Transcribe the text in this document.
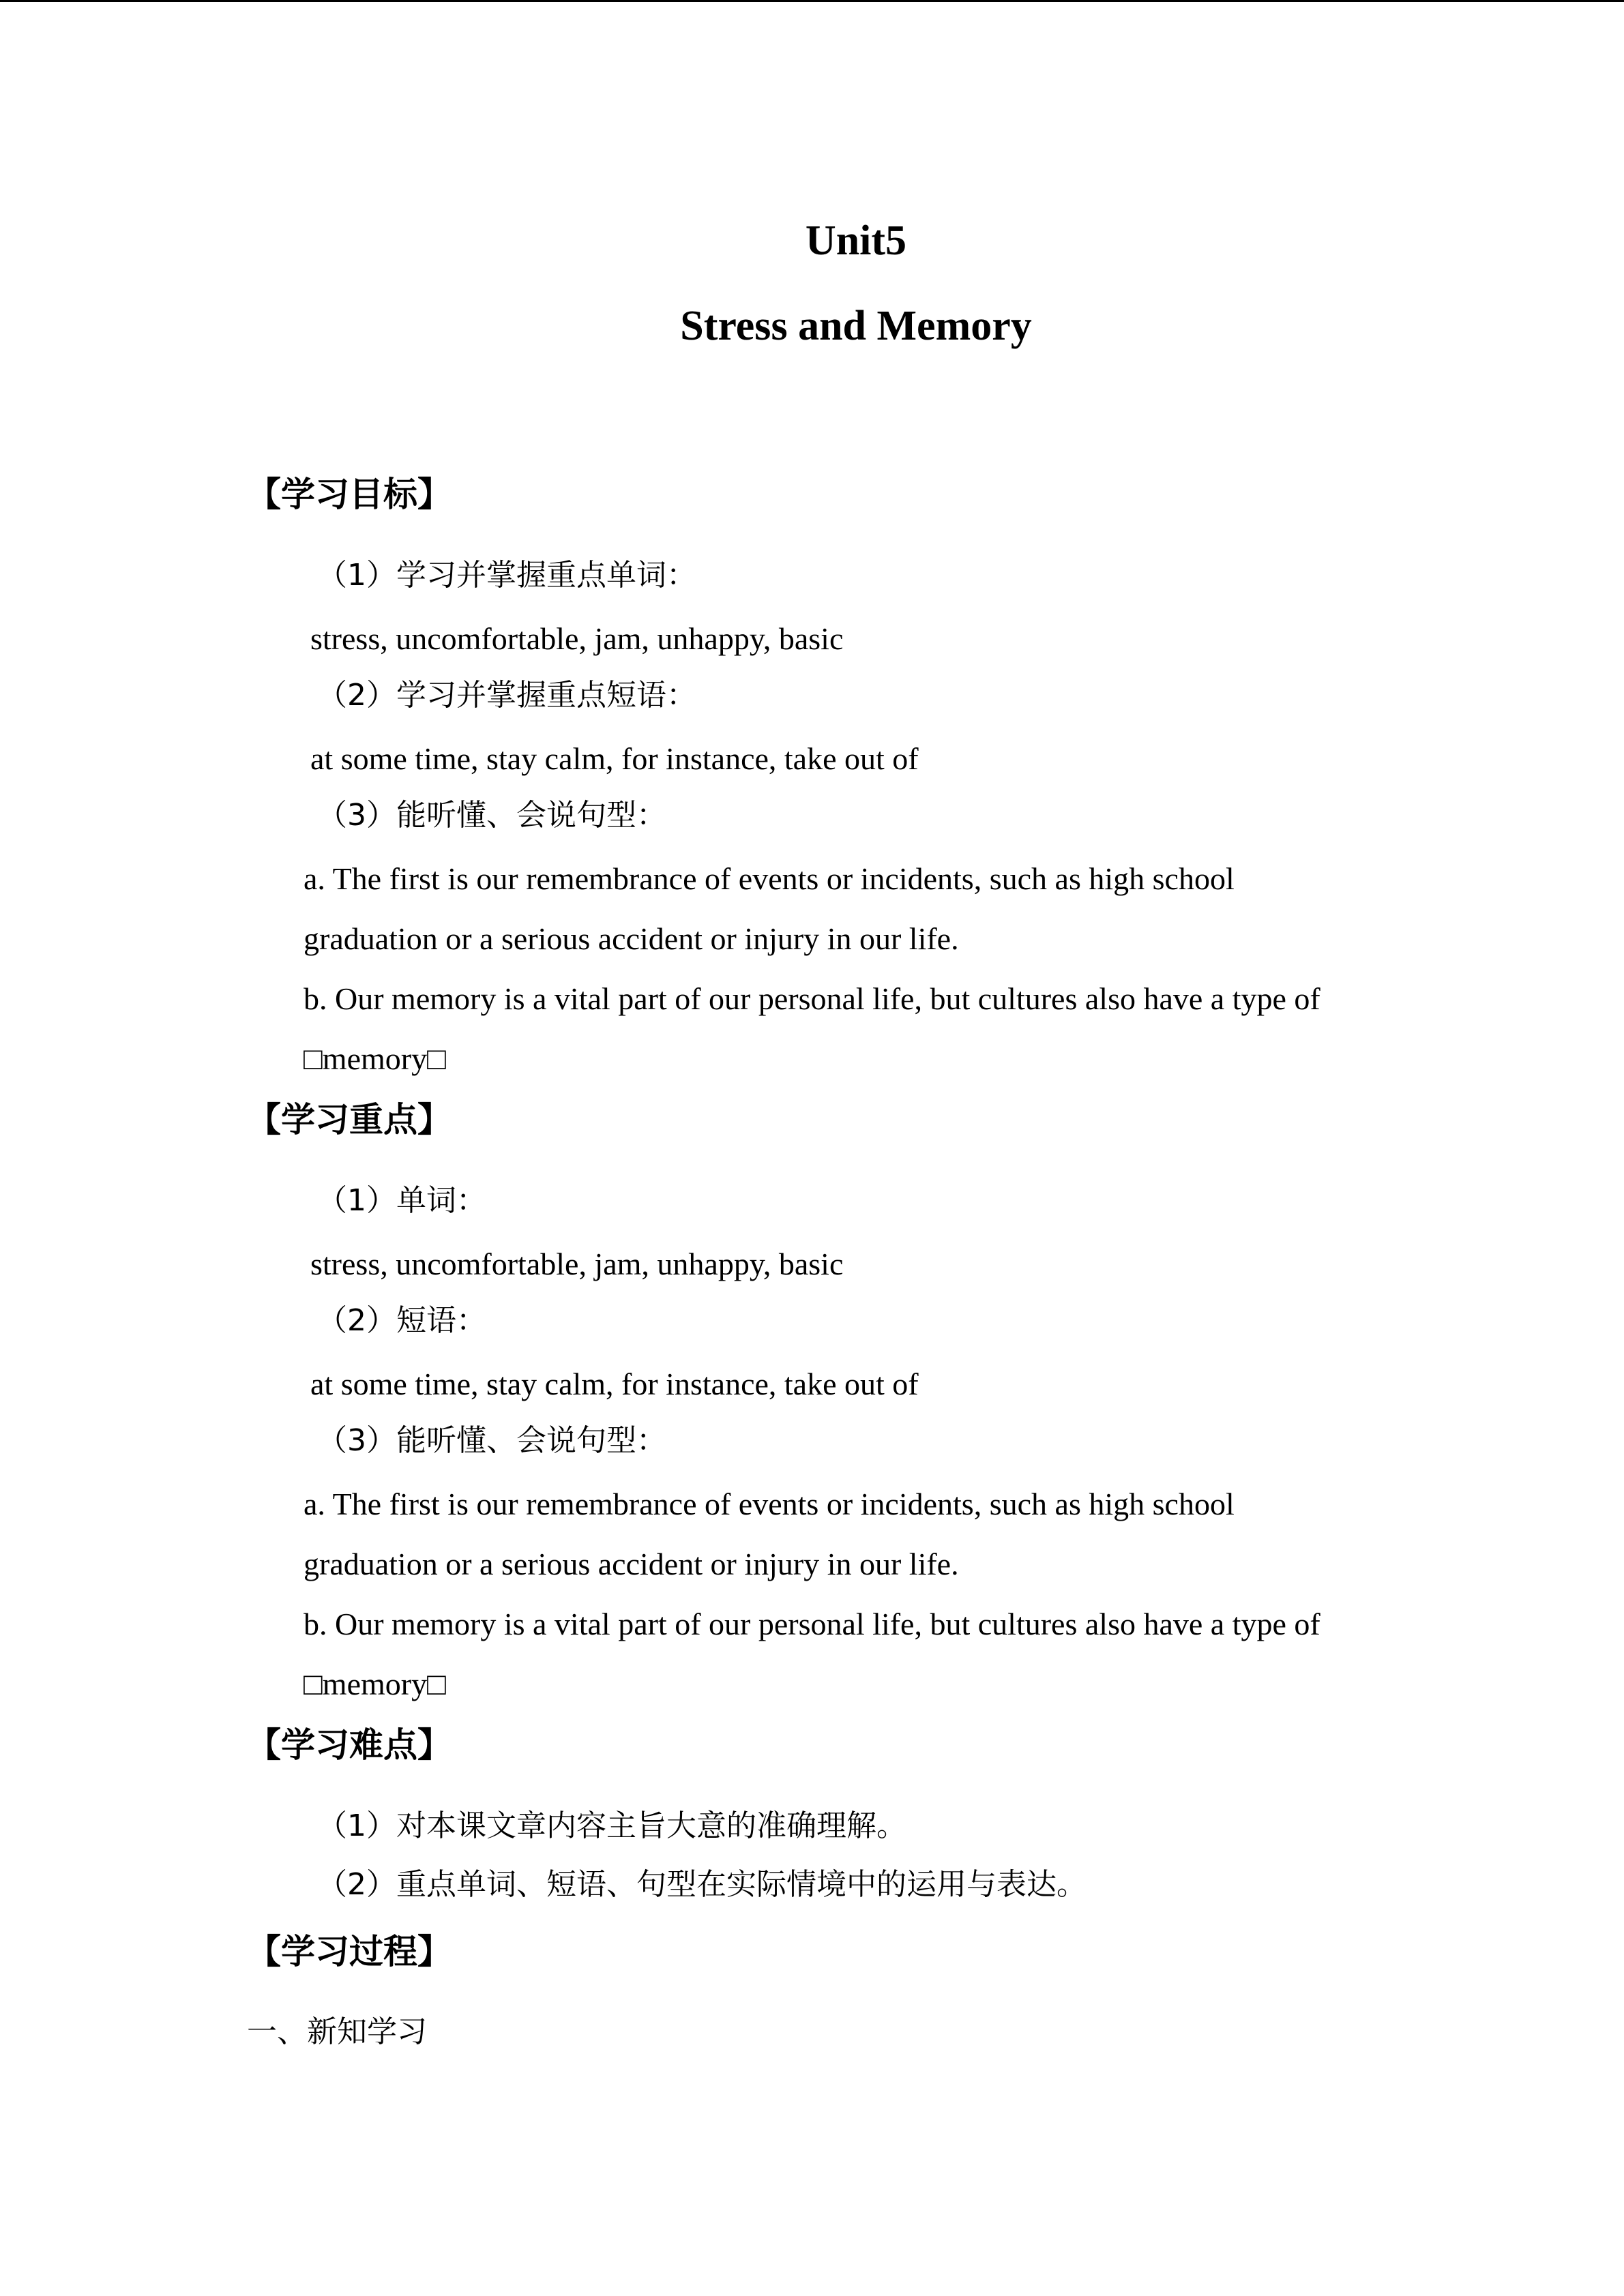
Unit5
Stress and Memory
【学习目标】
（1）学习并掌握重点单词：
stress, uncomfortable, jam, unhappy, basic
（2）学习并掌握重点短语：
at some time, stay calm, for instance, take out of
（3）能听懂、会说句型：
a. The first is our remembrance of events or incidents, such as high school
graduation or a serious accident or injury in our life.
b. Our memory is a vital part of our personal life, but cultures also have a type of
□memory□
【学习重点】
（1）单词：
stress, uncomfortable, jam, unhappy, basic
（2）短语：
at some time, stay calm, for instance, take out of
（3）能听懂、会说句型：
a. The first is our remembrance of events or incidents, such as high school
graduation or a serious accident or injury in our life.
b. Our memory is a vital part of our personal life, but cultures also have a type of
□memory□
【学习难点】
（1）对本课文章内容主旨大意的准确理解。
（2）重点单词、短语、句型在实际情境中的运用与表达。
【学习过程】
一、新知学习
